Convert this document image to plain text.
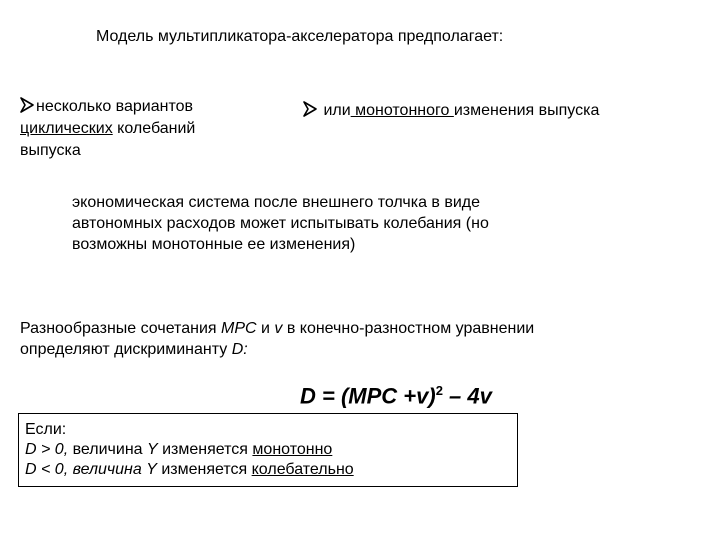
Модель мультипликатора-акселератора предполагает:
несколько вариантов
циклических колебаний
выпуска
или монотонного изменения выпуска
экономическая система после внешнего толчка в виде
автономных расходов может испытывать колебания (но
возможны монотонные ее изменения)
Разнообразные сочетания MPC и v в конечно-разностном уравнении
определяют дискриминанту D:
D = (MPC +v)$^2$ – 4v
Если:
D > 0, величина Y изменяется монотонно
D < 0, величина Y изменяется колебательно
